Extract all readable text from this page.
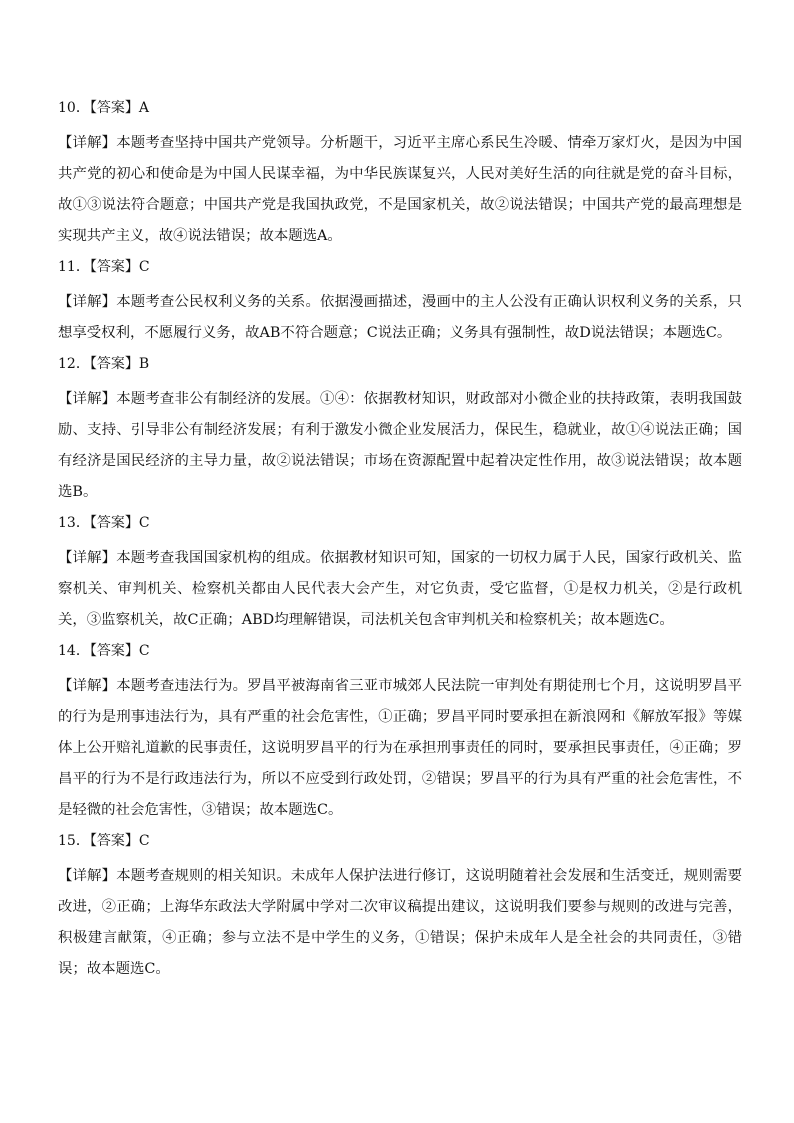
10．【答案】A

【详解】本题考查坚持中国共产党领导。分析题干，习近平主席心系民生冷暖、情牵万家灯火，是因为中国共产党的初心和使命是为中国人民谋幸福，为中华民族谋复兴，人民对美好生活的向往就是党的奋斗目标，故①③说法符合题意；中国共产党是我国执政党，不是国家机关，故②说法错误；中国共产党的最高理想是实现共产主义，故④说法错误；故本题选A。

11．【答案】C

【详解】本题考查公民权利义务的关系。依据漫画描述，漫画中的主人公没有正确认识权利义务的关系，只想享受权利，不愿履行义务，故AB不符合题意；C说法正确；义务具有强制性，故D说法错误；本题选C。

12．【答案】B

【详解】本题考查非公有制经济的发展。①④：依据教材知识，财政部对小微企业的扶持政策，表明我国鼓励、支持、引导非公有制经济发展；有利于激发小微企业发展活力，保民生，稳就业，故①④说法正确；国有经济是国民经济的主导力量，故②说法错误；市场在资源配置中起着决定性作用，故③说法错误；故本题选B。

13．【答案】C

【详解】本题考查我国国家机构的组成。依据教材知识可知，国家的一切权力属于人民，国家行政机关、监察机关、审判机关、检察机关都由人民代表大会产生，对它负责，受它监督，①是权力机关，②是行政机关，③监察机关，故C正确；ABD均理解错误，司法机关包含审判机关和检察机关；故本题选C。

14．【答案】C

【详解】本题考查违法行为。罗昌平被海南省三亚市城郊人民法院一审判处有期徒刑七个月，这说明罗昌平的行为是刑事违法行为，具有严重的社会危害性，①正确；罗昌平同时要承担在新浪网和《解放军报》等媒体上公开赔礼道歉的民事责任，这说明罗昌平的行为在承担刑事责任的同时，要承担民事责任，④正确；罗昌平的行为不是行政违法行为，所以不应受到行政处罚，②错误；罗昌平的行为具有严重的社会危害性，不是轻微的社会危害性，③错误；故本题选C。

15．【答案】C

【详解】本题考查规则的相关知识。未成年人保护法进行修订，这说明随着社会发展和生活变迁，规则需要改进，②正确；上海华东政法大学附属中学对二次审议稿提出建议，这说明我们要参与规则的改进与完善，积极建言献策，④正确；参与立法不是中学生的义务，①错误；保护未成年人是全社会的共同责任，③错误；故本题选C。
